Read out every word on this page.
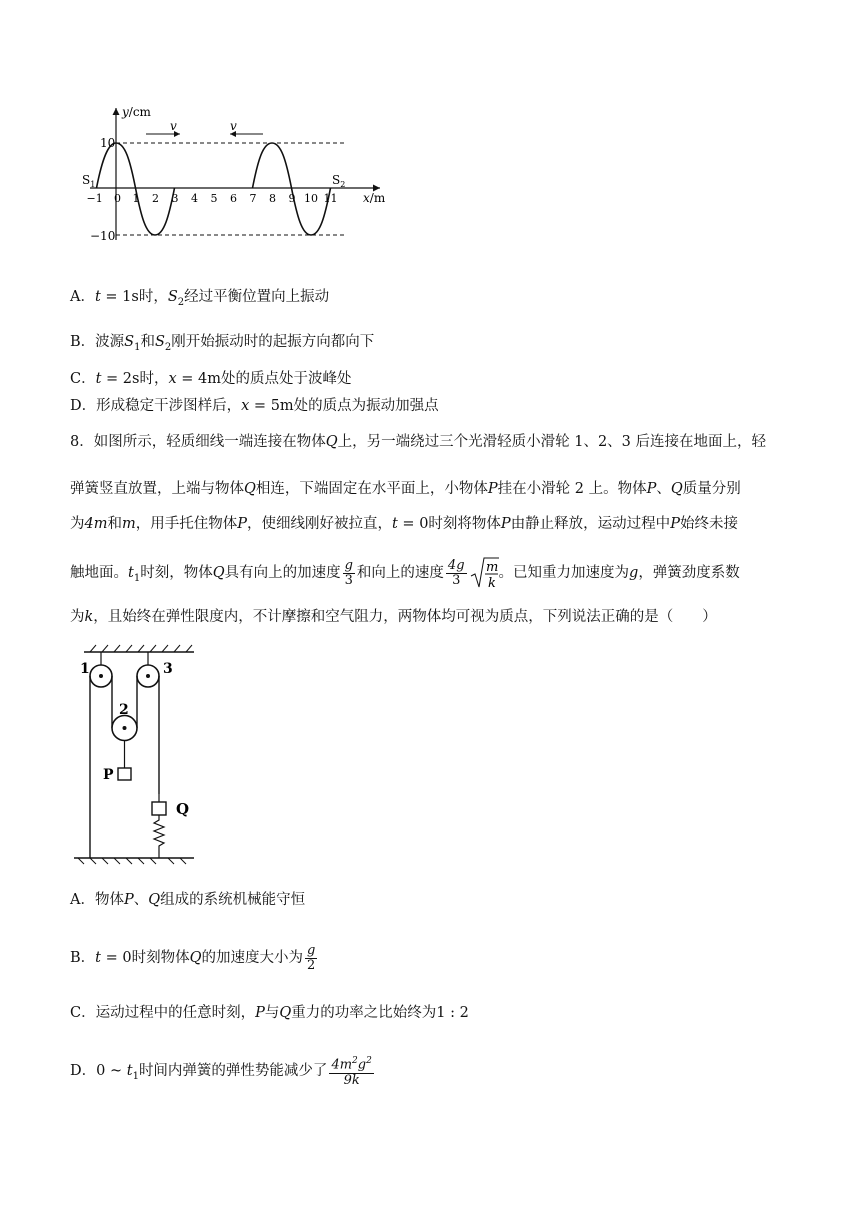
v	v
y/cm
x/m
10
−10
$S_1$	$S_2$
−1 0 1 2 3 4 5 6 7 8 9 10 11
A．t = 1s时，$S_2$经过平衡位置向上振动
B．波源$S_1$和$S_2$刚开始振动时的起振方向都向下
C．t = 2s时，x = 4m处的质点处于波峰处
D．形成稳定干涉图样后，x = 5m处的质点为振动加强点
8．如图所示，轻质细线一端连接在物体Q上，另一端绕过三个光滑轻质小滑轮 1、2、3 后连接在地面上，轻
弹簧竖直放置，上端与物体Q相连，下端固定在水平面上，小物体P挂在小滑轮 2 上。物体P、Q质量分别
为4m和m，用手托住物体P，使细线刚好被拉直，t = 0时刻将物体P由静止释放，运动过程中P始终未接
触地面。$t_1$时刻，物体Q具有向上的加速度 $\frac{g}{3}$ 和向上的速度 $\frac{4g}{3}$ m
k
。已知重力加速度为g，弹簧劲度系数
为k，且始终在弹性限度内，不计摩擦和空气阻力，两物体均可视为质点，下列说法正确的是（　　）
1
2
3
P
Q
A．物体P、Q组成的系统机械能守恒
B．t = 0时刻物体Q的加速度大小为 $\frac{g}{2}$
C．运动过程中的任意时刻，P与Q重力的功率之比始终为1 : 2
D．0 ~ $t_1$时间内弹簧的弹性势能减少了 $\frac{4m^2g^2}{9k}$
